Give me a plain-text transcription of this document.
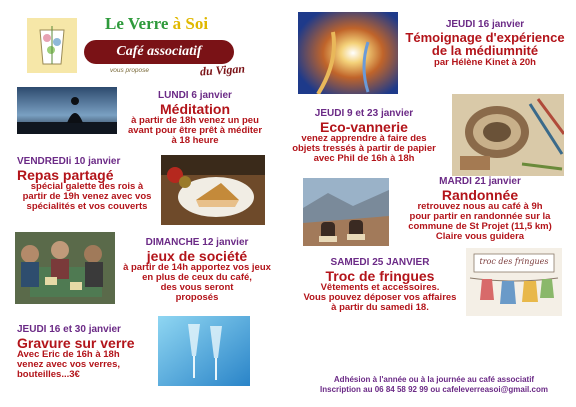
Le Verre à Soi
Café associatif
vous propose	du Vigan
LUNDI 6 janvier
Méditation
à partir de 18h venez un peu
avant pour être prêt à méditer
à 18 heure
VENDREDIi 10 janvier
Repas partagé
spécial galette des rois à
partir de 19h venez avec vos
spécialités et vos couverts
DIMANCHE 12 janvier
jeux de société
à partir de 14h apportez vos jeux
en plus de ceux du café,
des vous seront
proposés
JEUDI 16 et 30 janvier
Gravure sur verre
Avec Eric de 16h à 18h
venez avec vos verres,
bouteilles...3€
JEUDI 16 janvier
Témoignage d'expérience
de la médiumnité
par Hélène Kinet à 20h
JEUDI 9 et 23 janvier
Eco-vannerie
venez apprendre à faire des
objets tressés à partir de papier
avec Phil de 16h à 18h
MARDI 21 janvier
Randonnée
retrouvez nous au café à 9h
pour partir en randonnée sur la
commune de St Projet (11,5 km)
Claire vous guidera
SAMEDI 25 JANVIER
Troc de fringues
Vêtements et accessoires.
Vous pouvez déposer vos affaires
à partir du samedi 18.
troc des fringues
Adhésion à l'année ou à la journée au café associatif
Inscription au 06 84 58 92 99 ou cafeleverreasoi@gmail.com
